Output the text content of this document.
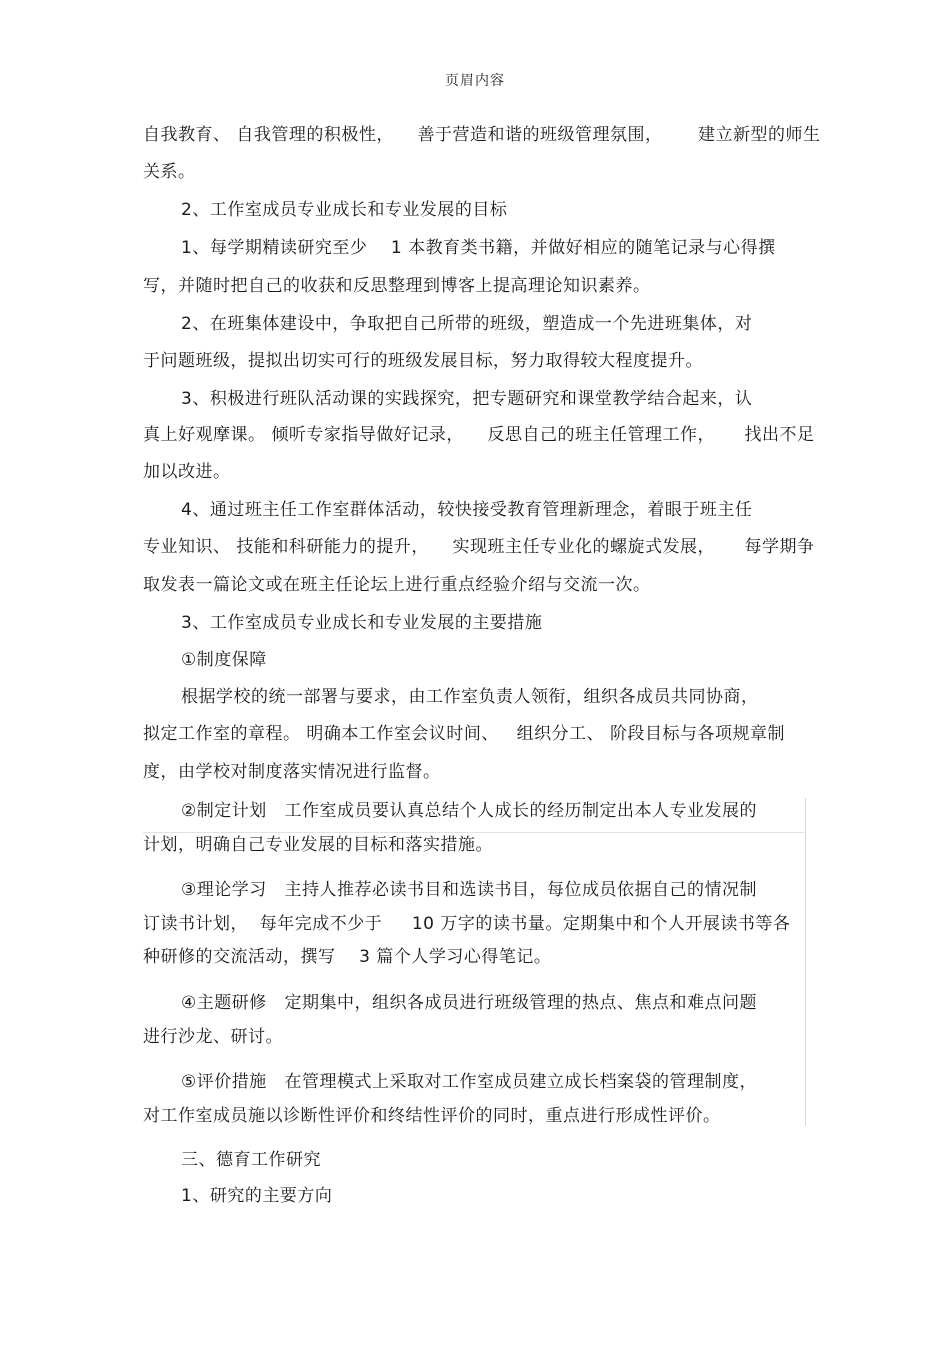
页眉内容
自我教育、 自我管理的积极性，    善于营造和谐的班级管理氛围，      建立新型的师生
关系。
2、工作室成员专业成长和专业发展的目标
1、每学期精读研究至少    1 本教育类书籍，并做好相应的随笔记录与心得撰
写，并随时把自己的收获和反思整理到博客上提高理论知识素养。
2、在班集体建设中，争取把自己所带的班级，塑造成一个先进班集体，对
于问题班级，提拟出切实可行的班级发展目标，努力取得较大程度提升。
3、积极进行班队活动课的实践探究，把专题研究和课堂教学结合起来，认
真上好观摩课。 倾听专家指导做好记录，    反思自己的班主任管理工作，     找出不足
加以改进。
4、通过班主任工作室群体活动，较快接受教育管理新理念，着眼于班主任
专业知识、 技能和科研能力的提升，    实现班主任专业化的螺旋式发展，     每学期争
取发表一篇论文或在班主任论坛上进行重点经验介绍与交流一次。
3、工作室成员专业成长和专业发展的主要措施
①制度保障
根据学校的统一部署与要求，由工作室负责人领衔，组织各成员共同协商，
拟定工作室的章程。 明确本工作室会议时间、   组织分工、 阶段目标与各项规章制
度，由学校对制度落实情况进行监督。
②制定计划   工作室成员要认真总结个人成长的经历制定出本人专业发展的
计划，明确自己专业发展的目标和落实措施。
③理论学习   主持人推荐必读书目和选读书目，每位成员依据自己的情况制
订读书计划，  每年完成不少于     10 万字的读书量。定期集中和个人开展读书等各
种研修的交流活动，撰写    3 篇个人学习心得笔记。
④主题研修   定期集中，组织各成员进行班级管理的热点、焦点和难点问题
进行沙龙、研讨。
⑤评价措施   在管理模式上采取对工作室成员建立成长档案袋的管理制度，
对工作室成员施以诊断性评价和终结性评价的同时，重点进行形成性评价。
三、德育工作研究
1、研究的主要方向
